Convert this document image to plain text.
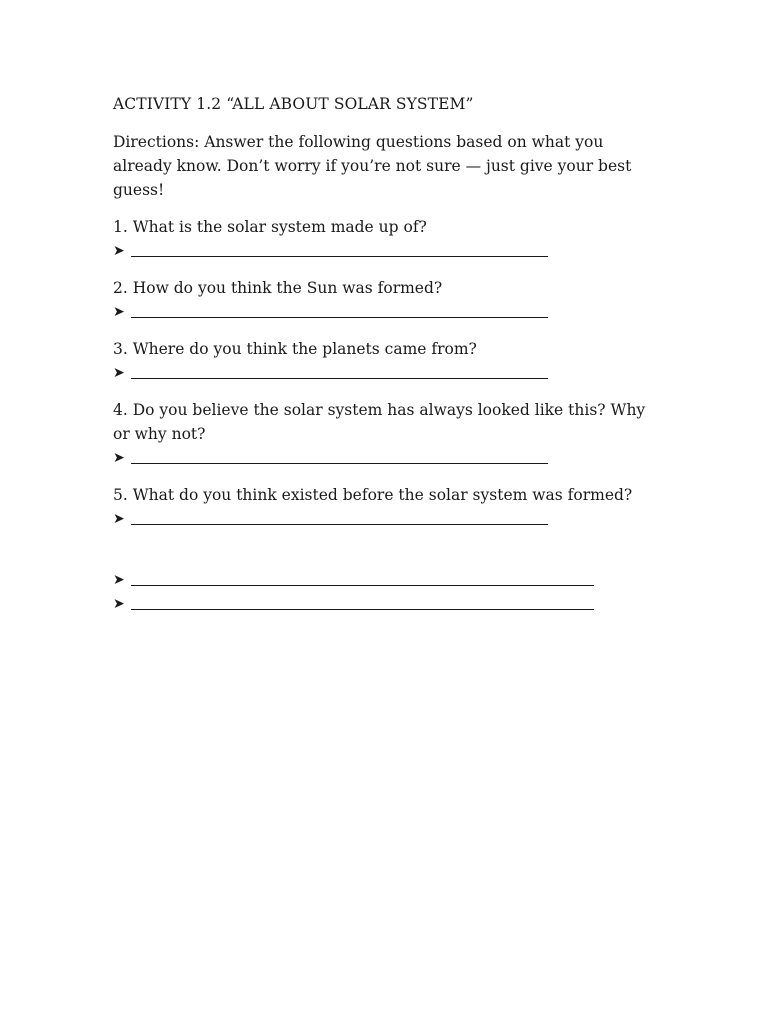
ACTIVITY 1.2 “ALL ABOUT SOLAR SYSTEM”

Directions: Answer the following questions based on what you already know. Don’t worry if you’re not sure — just give your best guess!

1. What is the solar system made up of?

➤

2. How do you think the Sun was formed?

➤

3. Where do you think the planets came from?

➤

4. Do you believe the solar system has always looked like this? Why or why not?

➤

5. What do you think existed before the solar system was formed?

➤
➤
➤
